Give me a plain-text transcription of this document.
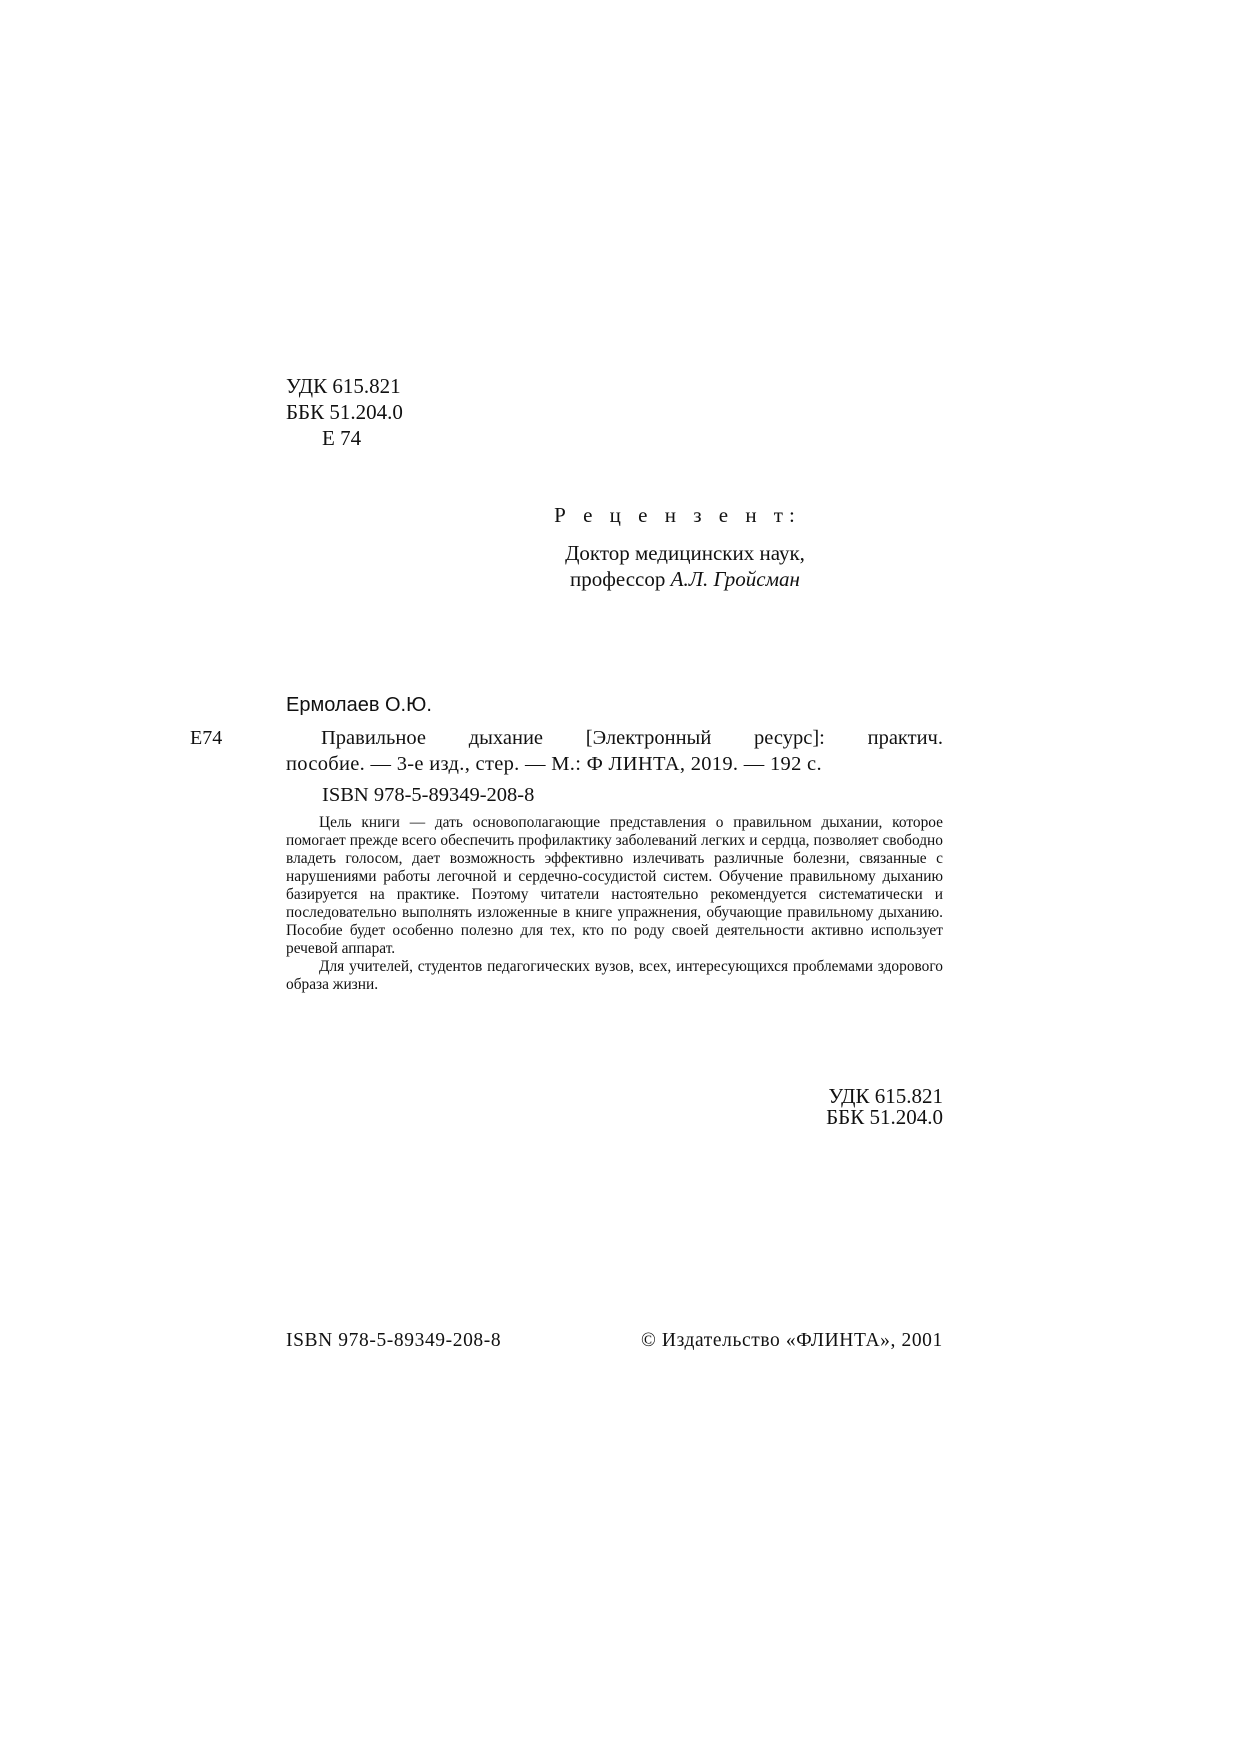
УДК 615.821
ББК 51.204.0
Е 74
Р е ц е н з е н т:
Доктор медицинских наук,
профессор А.Л. Гройсман
Ермолаев О.Ю.
Е74	Правильное дыхание [Электронный ресурс]: практич.
пособие. — 3-е изд., стер. — М.: Ф ЛИНТА, 2019. — 192 с.
ISBN 978-5-89349-208-8

Цель книги — дать основополагающие представления о правильном дыхании, которое помогает прежде всего обеспечить профилактику заболеваний легких и сердца, позволяет свободно владеть голосом, дает возможность эффективно излечивать различные болезни, связанные с нарушениями работы легочной и сердечно-сосудистой систем. Обучение правильному дыханию базируется на практике. Поэтому читатели настоятельно рекомендуется систематически и последовательно выполнять изложенные в книге упражнения, обучающие правильному дыханию. Пособие будет особенно полезно для тех, кто по роду своей деятельности активно использует речевой аппарат.

Для учителей, студентов педагогических вузов, всех, интересующихся проблемами здорового образа жизни.

УДК 615.821
ББК 51.204.0
ISBN 978-5-89349-208-8	© Издательство «ФЛИНТА», 2001
